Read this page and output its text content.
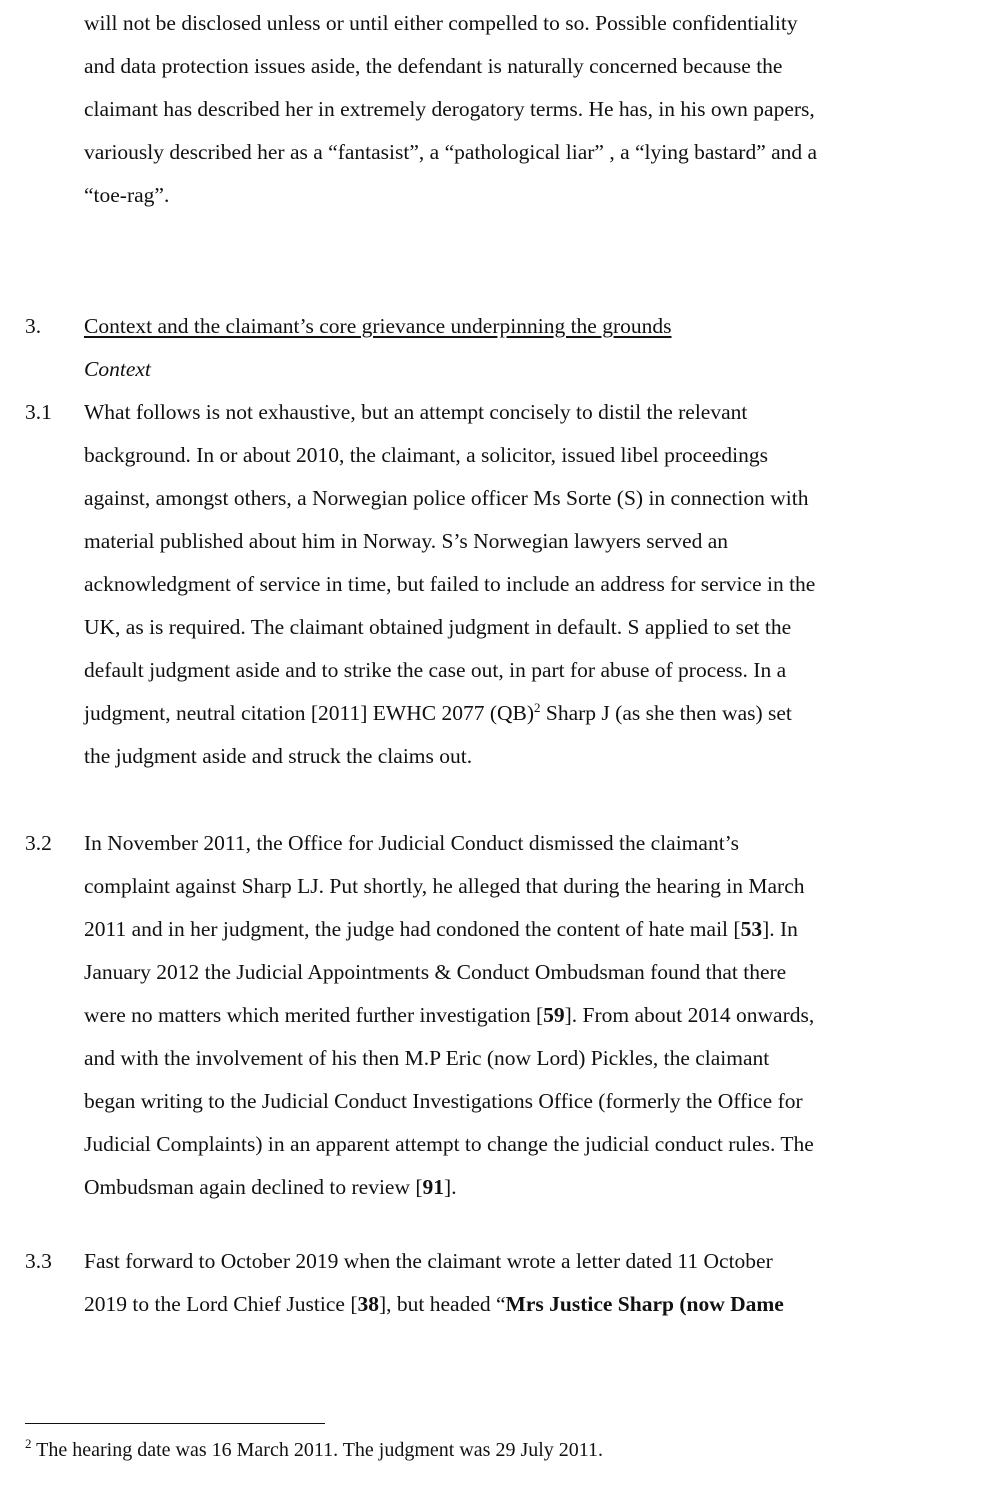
will not be disclosed unless or until either compelled to so. Possible confidentiality
and data protection issues aside, the defendant is naturally concerned because the
claimant has described her in extremely derogatory terms. He has, in his own papers,
variously described her as a “fantasist”, a “pathological liar” , a “lying bastard” and a
“toe-rag”.
3. Context and the claimant’s core grievance underpinning the grounds
Context
3.1 What follows is not exhaustive, but an attempt concisely to distil the relevant
background. In or about 2010, the claimant, a solicitor, issued libel proceedings
against, amongst others, a Norwegian police officer Ms Sorte (S) in connection with
material published about him in Norway. S’s Norwegian lawyers served an
acknowledgment of service in time, but failed to include an address for service in the
UK, as is required. The claimant obtained judgment in default. S applied to set the
default judgment aside and to strike the case out, in part for abuse of process. In a
judgment, neutral citation [2011] EWHC 2077 (QB)$^2$ Sharp J (as she then was) set
the judgment aside and struck the claims out.
3.2 In November 2011, the Office for Judicial Conduct dismissed the claimant’s
complaint against Sharp LJ. Put shortly, he alleged that during the hearing in March
2011 and in her judgment, the judge had condoned the content of hate mail [53]. In
January 2012 the Judicial Appointments & Conduct Ombudsman found that there
were no matters which merited further investigation [59]. From about 2014 onwards,
and with the involvement of his then M.P Eric (now Lord) Pickles, the claimant
began writing to the Judicial Conduct Investigations Office (formerly the Office for
Judicial Complaints) in an apparent attempt to change the judicial conduct rules. The
Ombudsman again declined to review [91].
3.3 Fast forward to October 2019 when the claimant wrote a letter dated 11 October
2019 to the Lord Chief Justice [38], but headed “Mrs Justice Sharp (now Dame
$^2$ The hearing date was 16 March 2011. The judgment was 29 July 2011.
